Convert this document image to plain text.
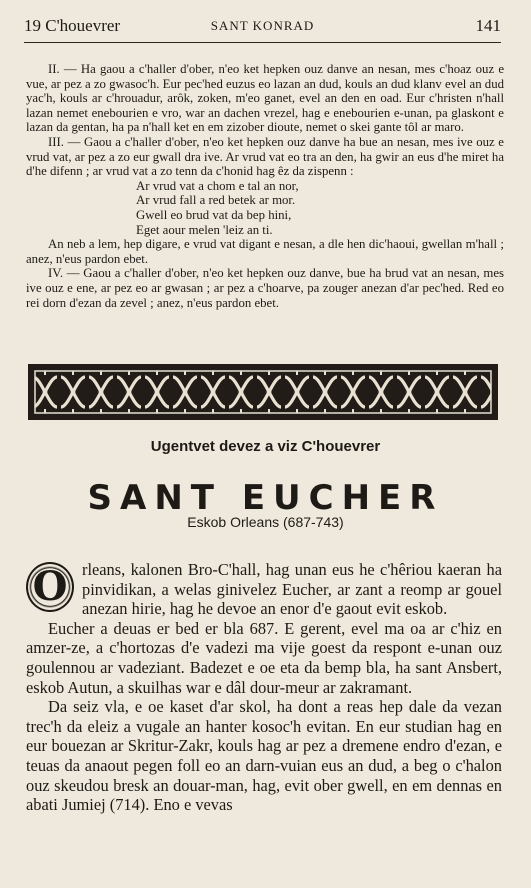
19 C'houevrer	SANT KONRAD	141

II. — Ha gaou a c'haller d'ober, n'eo ket hepken ouz danve an nesan, mes c'hoaz ouz e vue, ar pez a zo gwasoc'h. Eur pec'hed euzus eo lazan an dud, kouls an dud klanv evel an dud yac'h, kouls ar c'hrouadur, arôk, zoken, m'eo ganet, evel an den en oad. Eur c'hristen n'hall lazan nemet enebourien e vro, war an dachen vrezel, hag e enebourien e-unan, pa glaskont e lazan da gentan, ha pa n'hall ket en em zizober dioute, nemet o skei gante tôl ar maro.

III. — Gaou a c'haller d'ober, n'eo ket hepken ouz danve ha bue an nesan, mes ive ouz e vrud vat, ar pez a zo eur gwall dra ive. Ar vrud vat eo tra an den, ha gwir an eus d'he miret ha d'he difenn ; ar vrud vat a zo tenn da c'honid hag êz da zispenn :

Ar vrud vat a chom e tal an nor,
Ar vrud fall a red betek ar mor.
Gwell eo brud vat da bep hini,
Eget aour melen 'leiz an ti.

An neb a lem, hep digare, e vrud vat digant e nesan, a dle hen dic'haoui, gwellan m'hall ; anez, n'eus pardon ebet.

IV. — Gaou a c'haller d'ober, n'eo ket hepken ouz danve, bue ha brud vat an nesan, mes ive ouz e ene, ar pez eo ar gwasan ; ar pez a c'hoarve, pa zouger anezan d'ar pec'hed. Red eo rei dorn d'ezan da zevel ; anez, n'eus pardon ebet.

Ugentvet devez a viz C'houevrer
SANT EUCHER
Eskob Orleans (687-743)
O rleans, kalonen Bro-C'hall, hag unan eus he c'hêriou kaeran ha pinvidikan, a welas ginivelez Eucher, ar zant a reomp ar gouel anezan hirie, hag he devoe an enor d'e gaout evit eskob.

Eucher a deuas er bed er bla 687. E gerent, evel ma oa ar c'hiz en amzer-ze, a c'hortozas d'e vadezi ma vije goest da respont e-unan ouz goulennou ar vadeziant. Badezet e oe eta da bemp bla, ha sant Ansbert, eskob Autun, a skuilhas war e dâl dour-meur ar zakramant.

Da seiz vla, e oe kaset d'ar skol, ha dont a reas hep dale da vezan trec'h da eleiz a vugale an hanter kosoc'h evitan. En eur studian hag en eur bouezan ar Skritur-Zakr, kouls hag ar pez a dremene endro d'ezan, e teuas da anaout pegen foll eo an darn-vuian eus an dud, a beg o c'halon ouz skeudou bresk an douar-man, hag, evit ober gwell, en em dennas en abati Jumiej (714). Eno e vevas
